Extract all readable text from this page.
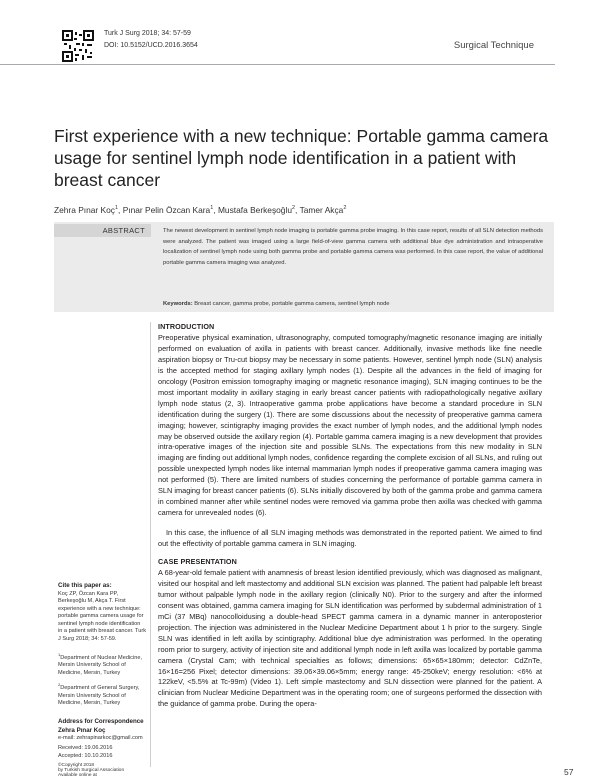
Turk J Surg 2018; 34: 57-59
DOI: 10.5152/UCD.2016.3654	Surgical Technique
First experience with a new technique: Portable gamma camera usage for sentinel lymph node identification in a patient with breast cancer
Zehra Pınar Koç$^1$, Pınar Pelin Özcan Kara$^1$, Mustafa Berkeşoğlu$^2$, Tamer Akça$^2$
ABSTRACT	The newest development in sentinel lymph node imaging is portable gamma probe imaging. In this case report, results of all SLN detection methods were analyzed. The patient was imaged using a large field-of-view gamma camera with additional blue dye administration and intraoperative localization of sentinel lymph node using both gamma probe and portable gamma camera was performed. In this case report, the value of additional portable gamma camera imaging was analyzed.
Keywords: Breast cancer, gamma probe, portable gamma camera, sentinel lymph node
INTRODUCTION
Preoperative physical examination, ultrasonography, computed tomography/magnetic resonance imaging are initially performed on evaluation of axilla in patients with breast cancer. Additionally, invasive methods like fine needle aspiration biopsy or Tru-cut biopsy may be necessary in some patients. However, sentinel lymph node (SLN) analysis is the accepted method for staging axillary lymph nodes (1). Despite all the advances in the field of imaging for oncology (Positron emission tomography imaging or magnetic resonance imaging), SLN imaging continues to be the most important modality in axillary staging in early breast cancer patients with radiopathologically negative axillary lymph node status (2, 3). Intraoperative gamma probe applications have become a standard procedure in SLN identification during the surgery (1). There are some discussions about the necessity of preoperative gamma camera imaging; however, scintigraphy imaging provides the exact number of lymph nodes, and the additional lymph nodes may be observed outside the axillary region (4). Portable gamma camera imaging is a new development that provides intra-operative images of the injection site and possible SLNs. The expectations from this new modality in SLN imaging are finding out additional lymph nodes, confidence regarding the complete excision of all SLNs, and ruling out possible unexpected lymph nodes like internal mammarian lymph nodes if preoperative gamma camera imaging was not performed (5). There are limited numbers of studies concerning the performance of portable gamma camera in SLN imaging for breast cancer patients (6). SLNs initially discovered by both of the gamma probe and gamma camera in combined manner after while sentinel nodes were removed via gamma probe then axilla was checked with gamma camera for unrevealed nodes (6).
In this case, the influence of all SLN imaging methods was demonstrated in the reported patient. We aimed to find out the effectivity of portable gamma camera in SLN imaging.
CASE PRESENTATION
A 68-year-old female patient with anamnesis of breast lesion identified previously, which was diagnosed as malignant, visited our hospital and left mastectomy and additional SLN excision was planned. The patient had palpable left breast tumor without palpable lymph node in the axillary region (clinically N0). Prior to the surgery and after the informed consent was obtained, gamma camera imaging for SLN identification was performed by subdermal administration of 1 mCi (37 MBq) nanocolloidusing a double-head SPECT gamma camera in a dynamic manner in anteroposterior projection. The injection was administered in the Nuclear Medicine Department about 1 h prior to the surgery. Single SLN was identified in left axilla by scintigraphy. Additional blue dye administration was performed. In the operating room prior to surgery, activity of injection site and additional lymph node in left axilla was localized by portable gamma camera (Crystal Cam; with technical specialties as follows; dimensions: 65×65×180mm; detector: CdZnTe, 16×16=256 Pixel; detector dimensions: 39.06×39.06×5mm; energy range: 45-250keV; energy resolution: <6% at 122keV, <5.5% at Tc-99m) (Video 1). Left simple mastectomy and SLN dissection were planned for the patient. A clinician from Nuclear Medicine Department was in the operating room; one of surgeons performed the dissection with the guidance of gamma probe. During the opera-
Cite this paper as:
Koç ZP, Özcan Kara PP, Berkeşoğlu M, Akça T. First experience with a new technique: portable gamma camera usage for sentinel lymph node identification in a patient with breast cancer. Turk J Surg 2018; 34: 57-59.
$^1$Department of Nuclear Medicine, Mersin University School of Medicine, Mersin, Turkey
$^2$Department of General Surgery, Mersin University School of Medicine, Mersin, Turkey
Address for Correspondence
Zehra Pınar Koç
e-mail: zehrapinarkoc@gmail.com
Received: 19.06.2016
Accepted: 10.10.2016
©Copyright 2018
by Turkish Surgical Association
Available online at	57
